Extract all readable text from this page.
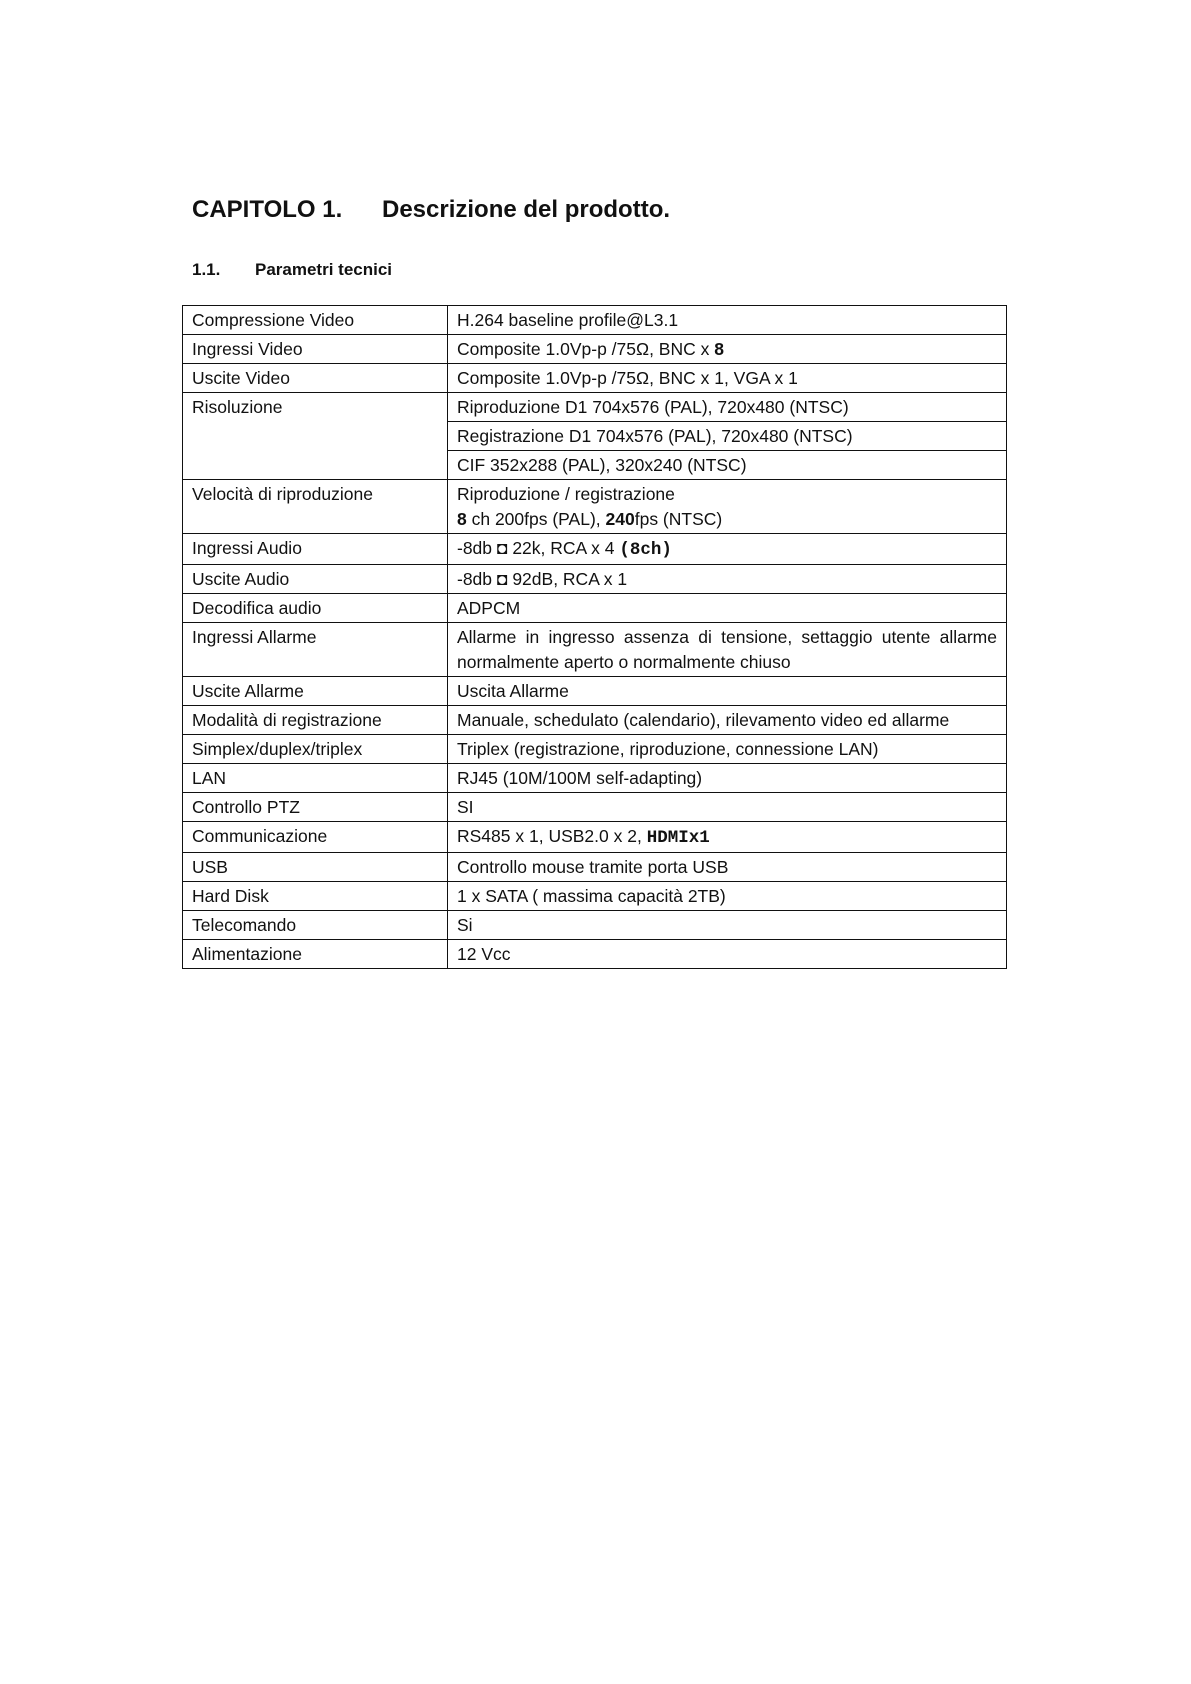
CAPITOLO 1. Descrizione del prodotto.
1.1. Parametri tecnici
Compressione Video	H.264 baseline profile@L3.1
Ingressi Video	Composite 1.0Vp-p /75Ω, BNC x 8
Uscite Video	Composite 1.0Vp-p /75Ω, BNC x 1, VGA x 1
Risoluzione	Riproduzione D1 704x576 (PAL), 720x480 (NTSC)
	Registrazione D1 704x576 (PAL), 720x480 (NTSC)
	CIF 352x288 (PAL), 320x240 (NTSC)
Velocità di riproduzione	Riproduzione / registrazione
8 ch 200fps (PAL), 240fps (NTSC)

Ingressi Audio	-8db ◘ 22k, RCA x 4 (8ch)
Uscite Audio	-8db ◘ 92dB, RCA x 1
Decodifica audio	ADPCM
Ingressi Allarme	Allarme in ingresso assenza di tensione, settaggio utente allarme normalmente aperto o normalmente chiuso
Uscite Allarme	Uscita Allarme
Modalità di registrazione	Manuale, schedulato (calendario), rilevamento video ed allarme
Simplex/duplex/triplex	Triplex (registrazione, riproduzione, connessione LAN)
LAN	RJ45 (10M/100M self-adapting)
Controllo PTZ	SI
Communicazione	RS485 x 1, USB2.0 x 2, HDMIx1
USB	Controllo mouse tramite porta USB
Hard Disk	1 x SATA ( massima capacità 2TB)
Telecomando	Si
Alimentazione	12 Vcc
